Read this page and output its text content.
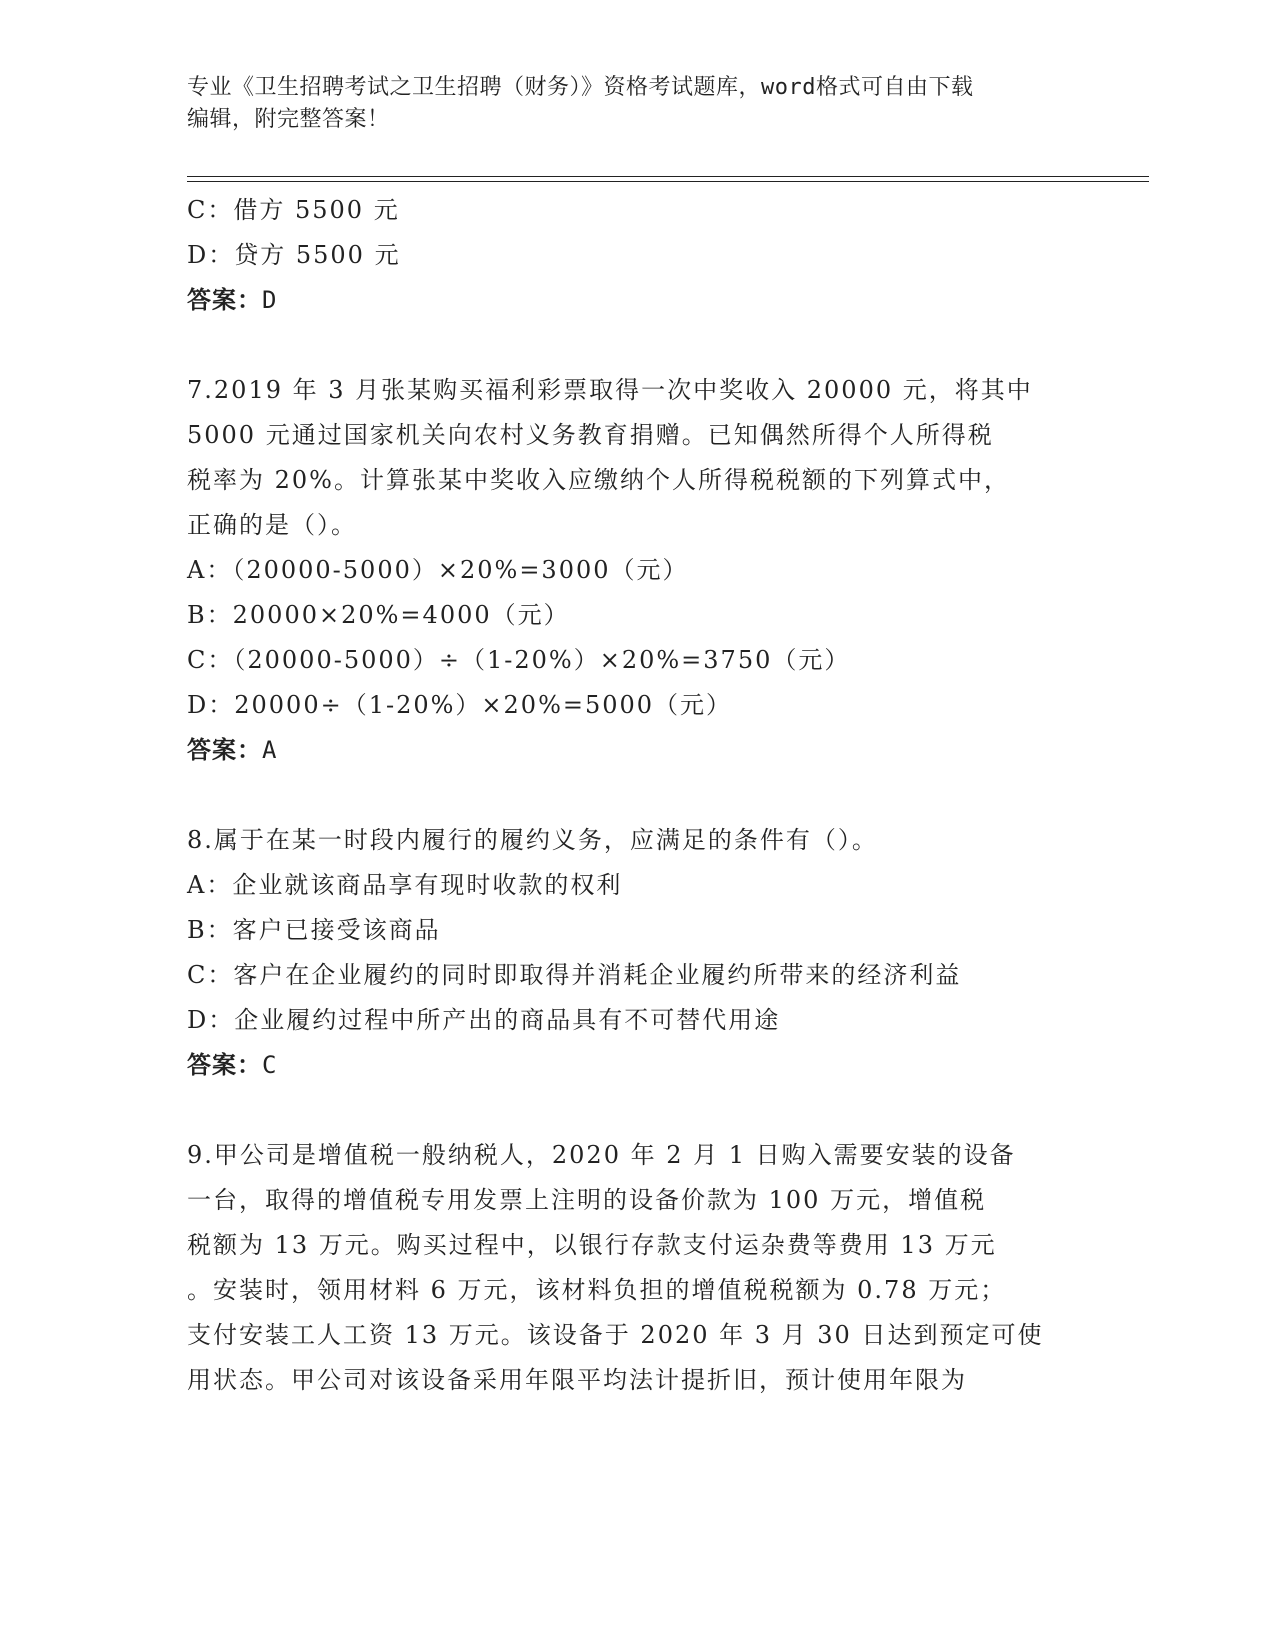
专业《卫生招聘考试之卫生招聘（财务）》资格考试题库，word格式可自由下载
编辑，附完整答案！
C：借方 5500 元
D：贷方 5500 元
答案：D
7.2019 年 3 月张某购买福利彩票取得一次中奖收入 20000 元，将其中
5000 元通过国家机关向农村义务教育捐赠。已知偶然所得个人所得税
税率为 20%。计算张某中奖收入应缴纳个人所得税税额的下列算式中，
正确的是（）。
A：（20000-5000）×20%=3000（元）
B：20000×20%=4000（元）
C：（20000-5000）÷（1-20%）×20%=3750（元）
D：20000÷（1-20%）×20%=5000（元）
答案：A
8.属于在某一时段内履行的履约义务，应满足的条件有（）。
A：企业就该商品享有现时收款的权利
B：客户已接受该商品
C：客户在企业履约的同时即取得并消耗企业履约所带来的经济利益
D：企业履约过程中所产出的商品具有不可替代用途
答案：C
9.甲公司是增值税一般纳税人，2020 年 2 月 1 日购入需要安装的设备
一台，取得的增值税专用发票上注明的设备价款为 100 万元，增值税
税额为 13 万元。购买过程中，以银行存款支付运杂费等费用 13 万元
。安装时，领用材料 6 万元，该材料负担的增值税税额为 0.78 万元；
支付安装工人工资 13 万元。该设备于 2020 年 3 月 30 日达到预定可使
用状态。甲公司对该设备采用年限平均法计提折旧，预计使用年限为
